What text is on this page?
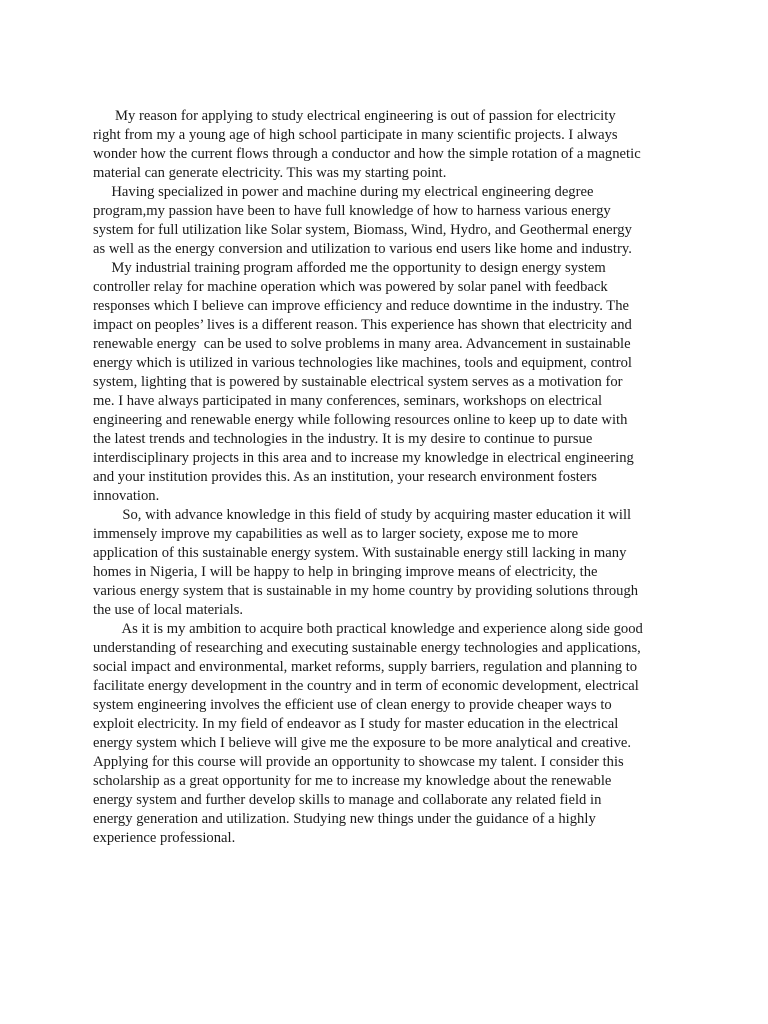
My reason for applying to study electrical engineering is out of passion for electricity
right from my a young age of high school participate in many scientific projects. I always
wonder how the current flows through a conductor and how the simple rotation of a magnetic
material can generate electricity. This was my starting point.
Having specialized in power and machine during my electrical engineering degree
program,my passion have been to have full knowledge of how to harness various energy
system for full utilization like Solar system, Biomass, Wind, Hydro, and Geothermal energy
as well as the energy conversion and utilization to various end users like home and industry.
My industrial training program afforded me the opportunity to design energy system
controller relay for machine operation which was powered by solar panel with feedback
responses which I believe can improve efficiency and reduce downtime in the industry. The
impact on peoples’ lives is a different reason. This experience has shown that electricity and
renewable energy  can be used to solve problems in many area. Advancement in sustainable
energy which is utilized in various technologies like machines, tools and equipment, control
system, lighting that is powered by sustainable electrical system serves as a motivation for
me. I have always participated in many conferences, seminars, workshops on electrical
engineering and renewable energy while following resources online to keep up to date with
the latest trends and technologies in the industry. It is my desire to continue to pursue
interdisciplinary projects in this area and to increase my knowledge in electrical engineering
and your institution provides this. As an institution, your research environment fosters
innovation.
So, with advance knowledge in this field of study by acquiring master education it will
immensely improve my capabilities as well as to larger society, expose me to more
application of this sustainable energy system. With sustainable energy still lacking in many
homes in Nigeria, I will be happy to help in bringing improve means of electricity, the
various energy system that is sustainable in my home country by providing solutions through
the use of local materials.
As it is my ambition to acquire both practical knowledge and experience along side good
understanding of researching and executing sustainable energy technologies and applications,
social impact and environmental, market reforms, supply barriers, regulation and planning to
facilitate energy development in the country and in term of economic development, electrical
system engineering involves the efficient use of clean energy to provide cheaper ways to
exploit electricity. In my field of endeavor as I study for master education in the electrical
energy system which I believe will give me the exposure to be more analytical and creative.
Applying for this course will provide an opportunity to showcase my talent. I consider this
scholarship as a great opportunity for me to increase my knowledge about the renewable
energy system and further develop skills to manage and collaborate any related field in
energy generation and utilization. Studying new things under the guidance of a highly
experience professional.
